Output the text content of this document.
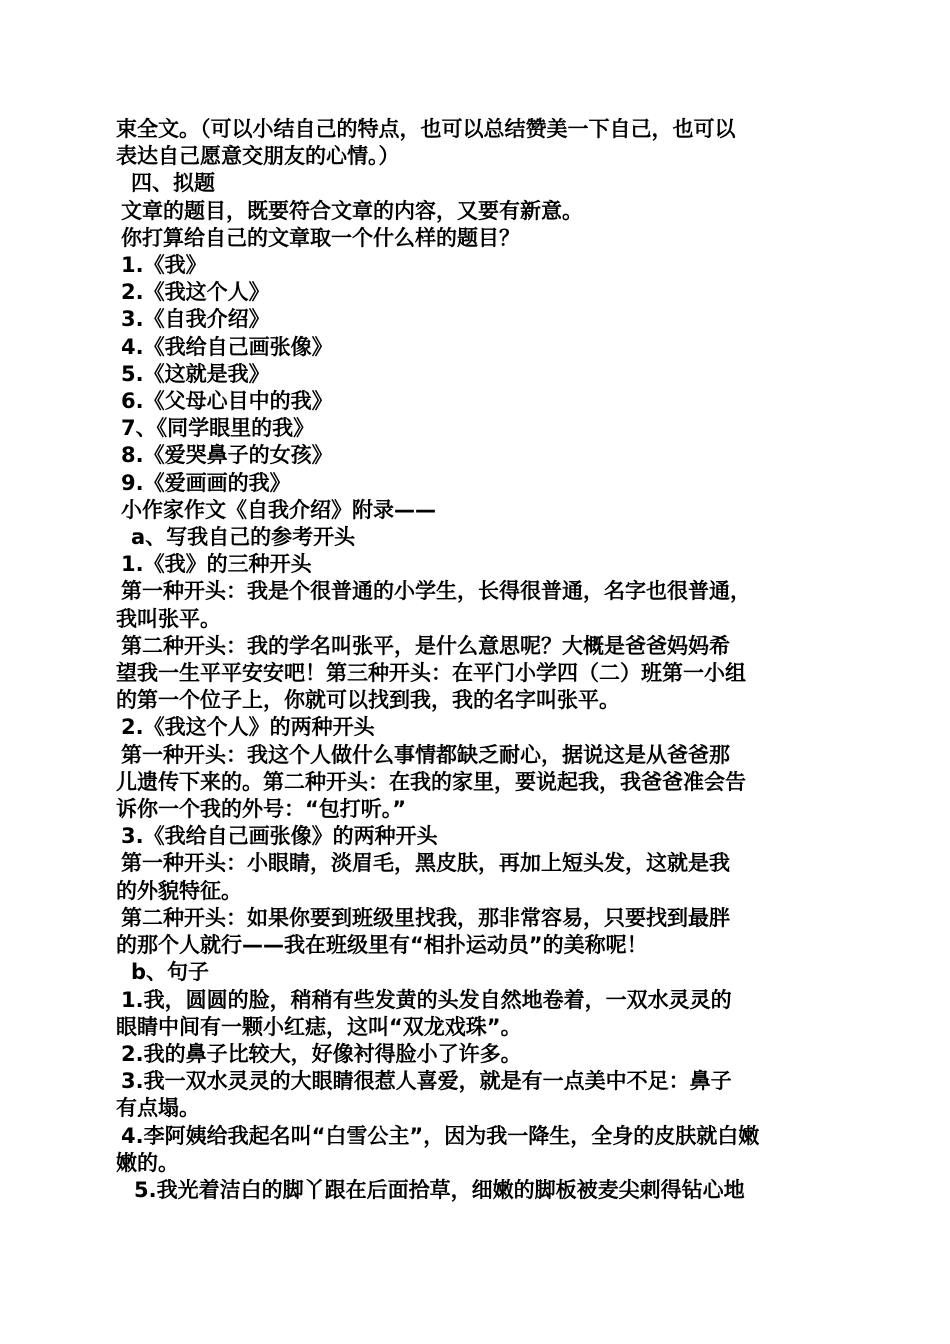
束全文。（可以小结自己的特点，也可以总结赞美一下自己，也可以
表达自己愿意交朋友的心情。）
四、拟题
文章的题目，既要符合文章的内容，又要有新意。
你打算给自己的文章取一个什么样的题目？
1.《我》
2.《我这个人》
3.《自我介绍》
4.《我给自己画张像》
5.《这就是我》
6.《父母心目中的我》
7、《同学眼里的我》
8.《爱哭鼻子的女孩》
9.《爱画画的我》
小作家作文《自我介绍》附录——
a、写我自己的参考开头
1.《我》的三种开头
第一种开头：我是个很普通的小学生，长得很普通，名字也很普通，
我叫张平。
第二种开头：我的学名叫张平，是什么意思呢？大概是爸爸妈妈希
望我一生平平安安吧！第三种开头：在平门小学四（二）班第一小组
的第一个位子上，你就可以找到我，我的名字叫张平。
2.《我这个人》的两种开头
第一种开头：我这个人做什么事情都缺乏耐心，据说这是从爸爸那
儿遗传下来的。第二种开头：在我的家里，要说起我，我爸爸准会告
诉你一个我的外号：“包打听。”
3.《我给自己画张像》的两种开头
第一种开头：小眼睛，淡眉毛，黑皮肤，再加上短头发，这就是我
的外貌特征。
第二种开头：如果你要到班级里找我，那非常容易，只要找到最胖
的那个人就行——我在班级里有“相扑运动员”的美称呢！
b、句子
1.我，圆圆的脸，稍稍有些发黄的头发自然地卷着，一双水灵灵的
眼睛中间有一颗小红痣，这叫“双龙戏珠”。
2.我的鼻子比较大，好像衬得脸小了许多。
3.我一双水灵灵的大眼睛很惹人喜爱，就是有一点美中不足：鼻子
有点塌。
4.李阿姨给我起名叫“白雪公主”，因为我一降生，全身的皮肤就白嫩
嫩的。
5.我光着洁白的脚丫跟在后面拾草，细嫩的脚板被麦尖刺得钻心地
